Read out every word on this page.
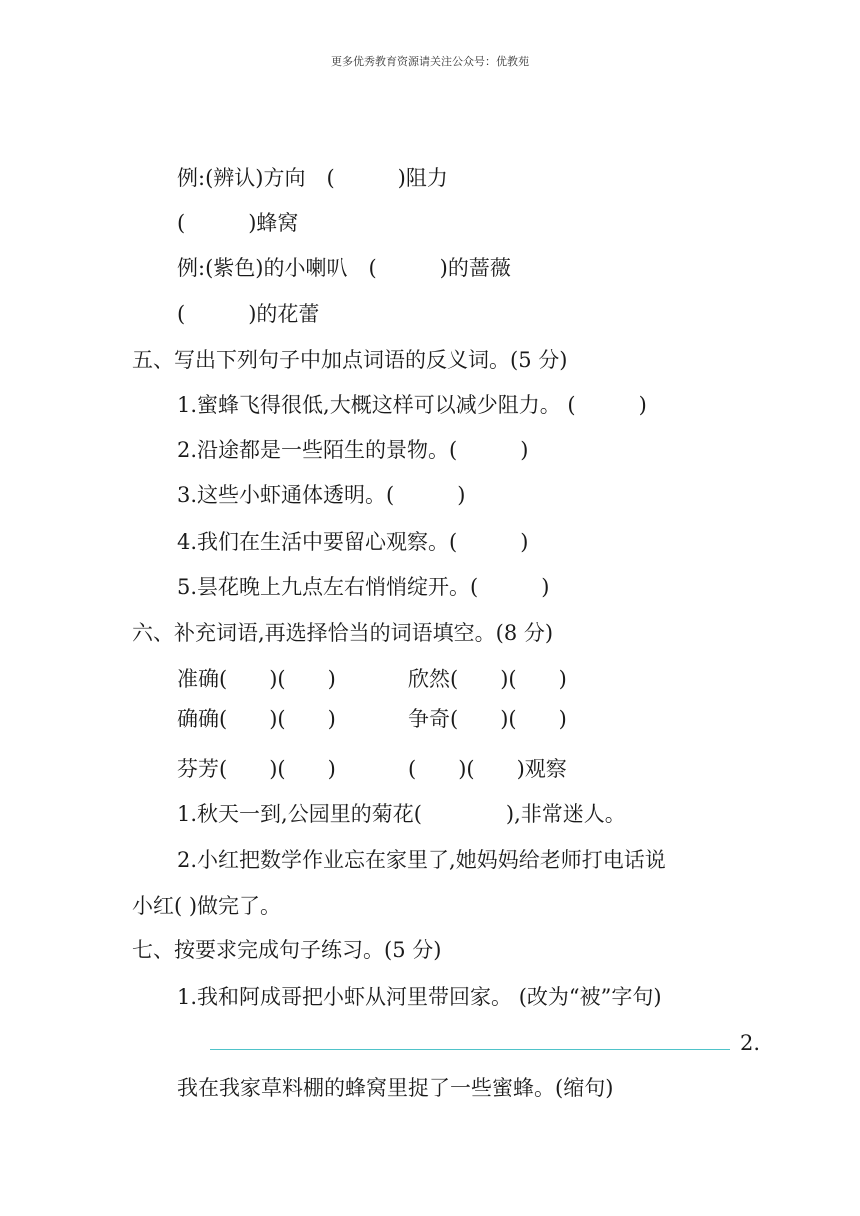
更多优秀教育资源请关注公众号：优教苑
例:(辨认)方向　(　　　)阻力
(　　　)蜂窝
例:(紫色)的小喇叭　(　　　)的蔷薇
(　　　)的花蕾
五、写出下列句子中加点词语的反义词。(5 分)
1.蜜蜂飞得很低,大概这样可以减少阻力。 (　　　)
2.沿途都是一些陌生的景物。(　　　)
3.这些小虾通体透明。(　　　)
4.我们在生活中要留心观察。(　　　)
5.昙花晚上九点左右悄悄绽开。(　　　)
六、补充词语,再选择恰当的词语填空。(8 分)
准确(　　)(　　)	欣然(　　)(　　)
确确(　　)(　　)	争奇(　　)(　　)
芬芳(　　)(　　)	(　　)(　　)观察
1.秋天一到,公园里的菊花(　　　　),非常迷人。
2.小红把数学作业忘在家里了,她妈妈给老师打电话说
小红( )做完了。
七、按要求完成句子练习。(5 分)
1.我和阿成哥把小虾从河里带回家。 (改为“被”字句)
2.
我在我家草料棚的蜂窝里捉了一些蜜蜂。(缩句)
